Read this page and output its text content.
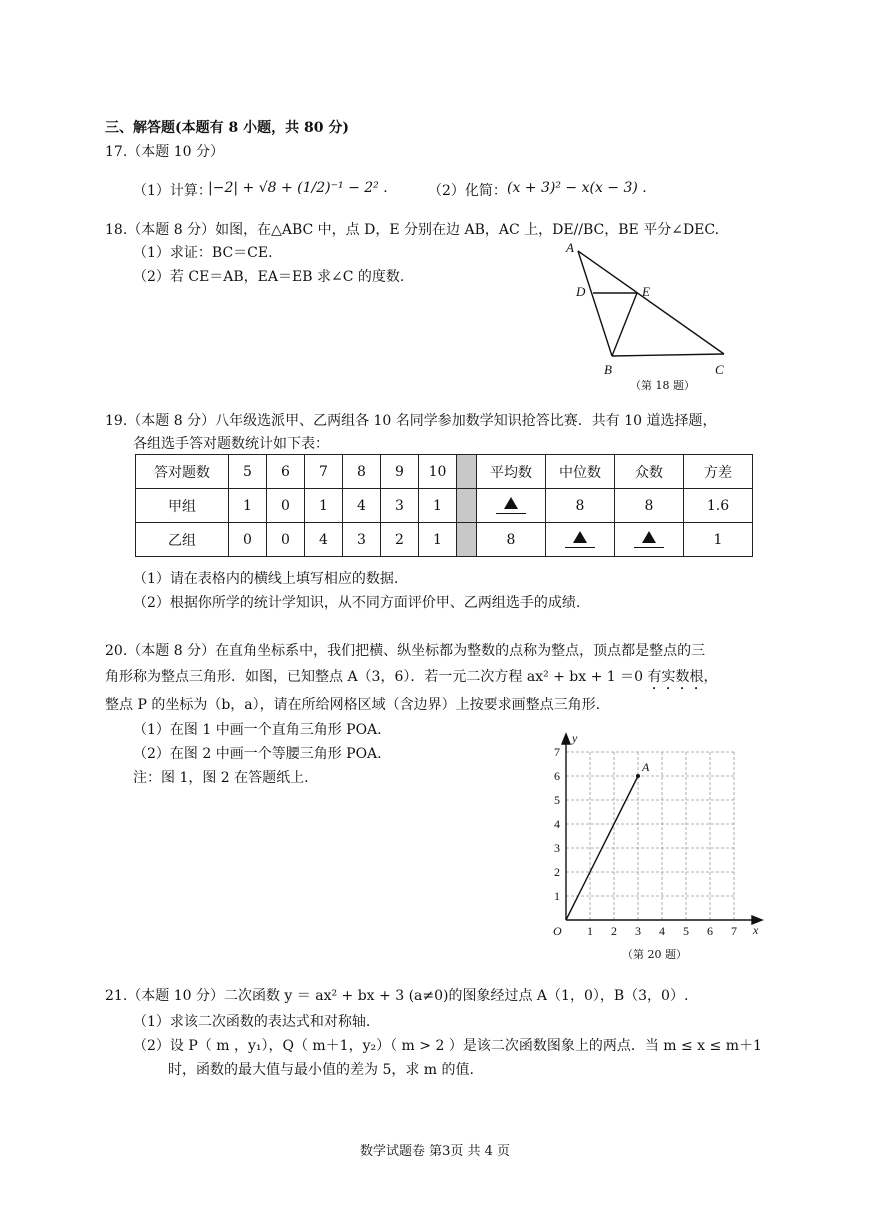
三、解答题(本题有 8 小题，共 80 分)
17.（本题 10 分）
（1）计算：
|−2| + √8 + (1/2)⁻¹ − 2² .	（2）化简： (x + 3)² − x(x − 3) .
18.（本题 8 分）如图，在△ABC 中，点 D，E 分别在边 AB，AC 上，DE//BC，BE 平分∠DEC.
（1）求证：BC＝CE.
（2）若 CE＝AB，EA＝EB 求∠C 的度数.
A
D	E
B	C
（第 18 题）
19.（本题 8 分）八年级选派甲、乙两组各 10 名同学参加数学知识抢答比赛．共有 10 道选择题，
各组选手答对题数统计如下表：
答对题数	5	6	7	8	9	10		平均数	中位数	众数	方差
甲组	1	0	1	4	3	1			8	8	1.6
乙组	0	0	4	3	2	1		8			1
（1）请在表格内的横线上填写相应的数据.
（2）根据你所学的统计学知识，从不同方面评价甲、乙两组选手的成绩.
20.（本题 8 分）在直角坐标系中，我们把横、纵坐标都为整数的点称为整点，顶点都是整点的三
角形称为整点三角形．如图，已知整点 A（3，6）．若一元二次方程 ax² + bx + 1 ＝0 有实数根，
整点 P 的坐标为（b，a），请在所给网格区域（含边界）上按要求画整点三角形.
（1）在图 1 中画一个直角三角形 POA.
（2）在图 2 中画一个等腰三角形 POA.
注：图 1，图 2 在答题纸上.
1 2 3 4 5 6 7
1
2
3
4
5
6
7
O	x
y
A
（第 20 题）
21.（本题 10 分）二次函数 y ＝ ax² + bx + 3 (a≠0)的图象经过点 A（1，0），B（3，0）.
（1）求该二次函数的表达式和对称轴.
（2）设 P（ m ，y₁），Q（ m＋1，y₂）（ m > 2 ）是该二次函数图象上的两点．当 m ≤ x ≤ m＋1
时，函数的最大值与最小值的差为 5，求 m 的值.
数学试题卷 第3页 共 4 页
